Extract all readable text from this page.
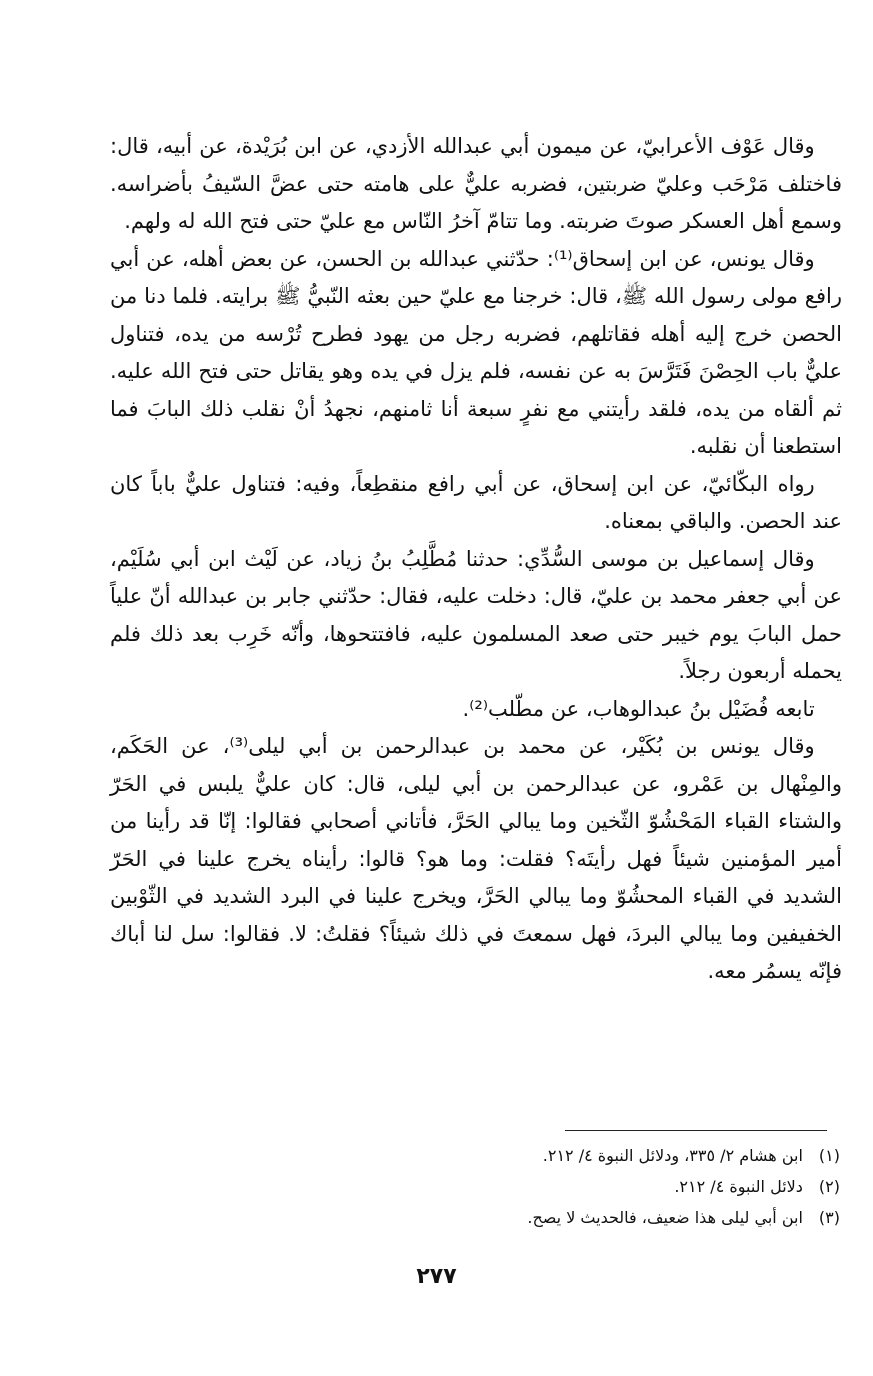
وقال عَوْف الأعرابيّ، عن ميمون أبي عبدالله الأزدي، عن ابن بُرَيْدة، عن أبيه، قال: فاختلف مَرْحَب وعليّ ضربتين، فضربه عليٌّ على هامته حتى عضَّ السّيفُ بأضراسه. وسمع أهل العسكر صوتَ ضربته. وما تتامّ آخرُ النّاس مع عليّ حتى فتح الله له ولهم.

وقال يونس، عن ابن إسحاق⁽¹⁾: حدّثني عبدالله بن الحسن، عن بعض أهله، عن أبي رافع مولى رسول الله ﷺ، قال: خرجنا مع عليّ حين بعثه النّبيُّ ﷺ برايته. فلما دنا من الحصن خرج إليه أهله فقاتلهم، فضربه رجل من يهود فطرح تُرْسه من يده، فتناول عليٌّ باب الحِصْنَ فَتَرَّسَ به عن نفسه، فلم يزل في يده وهو يقاتل حتى فتح الله عليه. ثم ألقاه من يده، فلقد رأيتني مع نفرٍ سبعة أنا ثامنهم، نجهدُ أنْ نقلب ذلك البابَ فما استطعنا أن نقلبه.

رواه البكّائيّ، عن ابن إسحاق، عن أبي رافع منقطِعاً، وفيه: فتناول عليٌّ باباً كان عند الحصن. والباقي بمعناه.

وقال إسماعيل بن موسى السُّدِّي: حدثنا مُطَّلِبُ بنُ زياد، عن لَيْث ابن أبي سُلَيْم، عن أبي جعفر محمد بن عليّ، قال: دخلت عليه، فقال: حدّثني جابر بن عبدالله أنّ علياً حمل البابَ يوم خيبر حتى صعد المسلمون عليه، فافتتحوها، وأنّه خَرِب بعد ذلك فلم يحمله أربعون رجلاً.

تابعه فُضَيْل بنُ عبدالوهاب، عن مطّلب⁽²⁾.

وقال يونس بن بُكَيْر، عن محمد بن عبدالرحمن بن أبي ليلى⁽³⁾، عن الحَكَم، والمِنْهال بن عَمْرو، عن عبدالرحمن بن أبي ليلى، قال: كان عليٌّ يلبس في الحَرّ والشتاء القباء المَحْشُوّ الثّخين وما يبالي الحَرَّ، فأتاني أصحابي فقالوا: إنّا قد رأينا من أمير المؤمنين شيئاً فهل رأيتَه؟ فقلت: وما هو؟ قالوا: رأيناه يخرج علينا في الحَرّ الشديد في القباء المحشُوّ وما يبالي الحَرَّ، ويخرج علينا في البرد الشديد في الثّوْبين الخفيفين وما يبالي البردَ، فهل سمعتَ في ذلك شيئاً؟ فقلتُ: لا. فقالوا: سل لنا أباك فإنّه يسمُر معه.

(١)
ابن هشام ٢/ ٣٣٥، ودلائل النبوة ٤/ ٢١٢.

(٢)
دلائل النبوة ٤/ ٢١٢.

(٣)
ابن أبي ليلى هذا ضعيف، فالحديث لا يصح.

٢٧٧
